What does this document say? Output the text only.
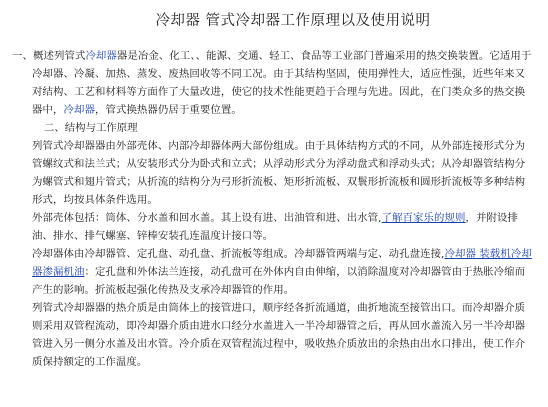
冷却器 管式冷却器工作原理以及使用说明

一、概述列管式冷却器器是冶金、化工、、能源、交通、轻工、食品等工业部门普遍采用的热交换装置。它适用于冷却器、冷凝、加热、蒸发、废热回收等不同工况。由于其结构坚固，使用弹性大，适应性强，近些年来又对结构、工艺和材料等方面作了大量改进，使它的技术性能更趋于合理与先进。因此，在门类众多的热交换器中，冷却器，管式换热器仍居于重要位置。

二、结构与工作原理

列管式冷却器器由外部壳体、内部冷却器体两大部份组成。由于具体结构方式的不同，从外部连接形式分为管螺纹式和法兰式；从安装形式分为卧式和立式；从浮动形式分为浮动盘式和浮动头式；从冷却器管结构分为螺管式和翅片管式；从折流的结构分为弓形折流板、矩形折流板、双鬟形折流板和圆形折流板等多种结构形式，均按具体条件选用。

外部壳体包括：筒体、分水盖和回水盖。其上设有进、出油管和进、出水管,了解百家乐的规则，并附设排油、排水、排气螺塞、锌棒安装孔连温度计接口等。

冷却器体由冷却器管、定孔盘、动孔盘、折流板等组成。冷却器管两端与定、动孔盘连接,冷却器 装载机冷却器渗漏机油：定孔盘和外体法兰连接，动孔盘可在外体内自由伸缩，以消除温度对冷却器管由于热胀冷缩而产生的影响。折流板起强化传热及支承冷却器管的作用。

列管式冷却器器的热介质是由筒体上的接管进口，顺序经各折流通道，曲折地流至接管出口。而冷却器介质则采用双管程流动，即冷却器介质由进水口经分水盖进入一半冷却器管之后，再从回水盖流入另一半冷却器管进入另一侧分水盖及出水管。冷介质在双管程流过程中，吸收热介质放出的余热由出水口排出，使工作介质保持额定的工作温度。
